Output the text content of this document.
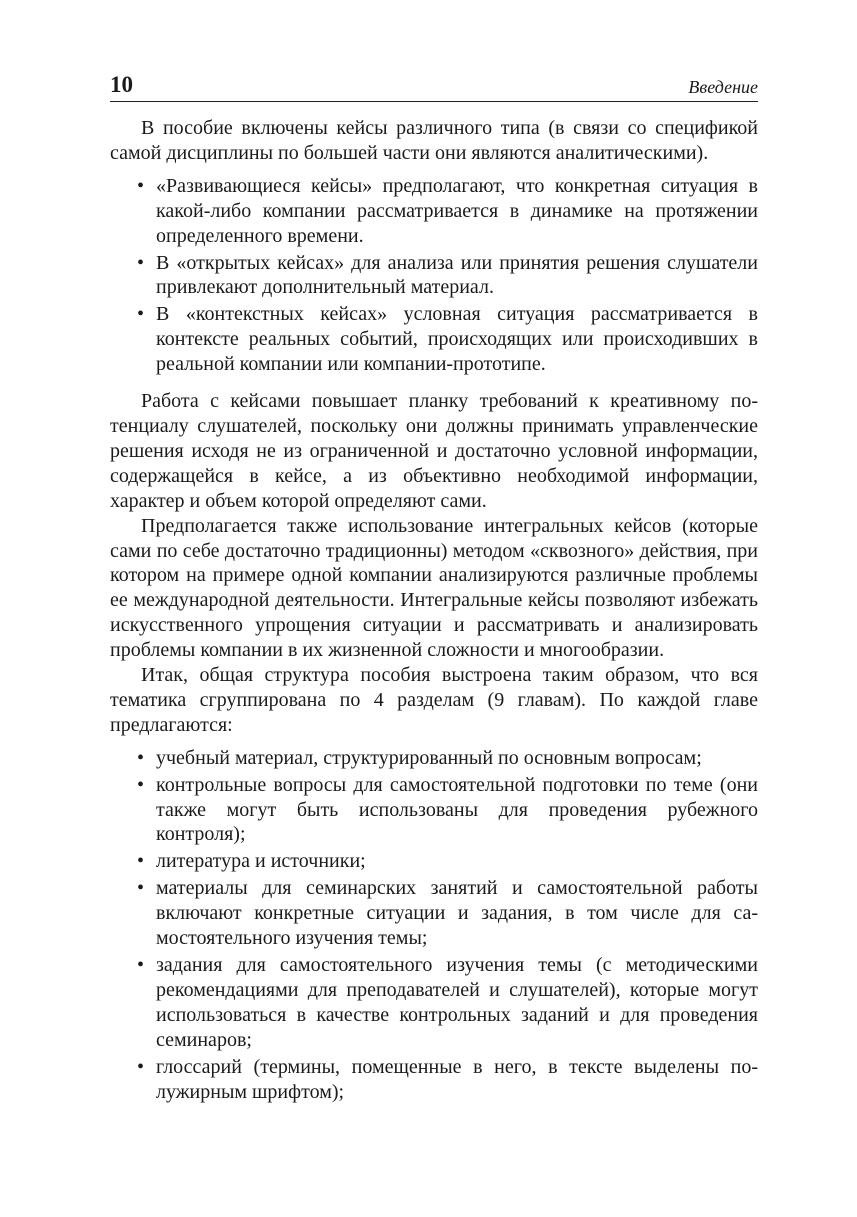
10	Введение

В пособие включены кейсы различного типа (в связи со спецификой самой дисциплины по большей части они являются аналитическими).

• «Развивающиеся кейсы» предполагают, что конкретная ситуация в какой-либо компании рассматривается в динамике на протяжении определенного времени.
• В «открытых кейсах» для анализа или принятия решения слушатели привлекают дополнительный материал.
• В «контекстных кейсах» условная ситуация рассматривается в контексте реальных событий, происходящих или происходивших в реальной компании или компании-прототипе.

Работа с кейсами повышает планку требований к креативному потенциалу слушателей, поскольку они должны принимать управленческие решения исходя не из ограниченной и достаточно условной информации, содержащейся в кейсе, а из объективно необходимой информации, характер и объем которой определяют сами.

Предполагается также использование интегральных кейсов (которые сами по себе достаточно традиционны) методом «сквозного» действия, при котором на примере одной компании анализируются различные проблемы ее международной деятельности. Интегральные кейсы позволяют избежать искусственного упрощения ситуации и рассматривать и анализировать проблемы компании в их жизненной сложности и многообразии.

Итак, общая структура пособия выстроена таким образом, что вся тематика сгруппирована по 4 разделам (9 главам). По каждой главе предлагаются:

• учебный материал, структурированный по основным вопросам;
• контрольные вопросы для самостоятельной подготовки по теме (они также могут быть использованы для проведения рубежного контроля);
• литература и источники;
• материалы для семинарских занятий и самостоятельной работы включают конкретные ситуации и задания, в том числе для самостоятельного изучения темы;
• задания для самостоятельного изучения темы (с методическими рекомендациями для преподавателей и слушателей), которые могут использоваться в качестве контрольных заданий и для проведения семинаров;
• глоссарий (термины, помещенные в него, в тексте выделены полужирным шрифтом);
